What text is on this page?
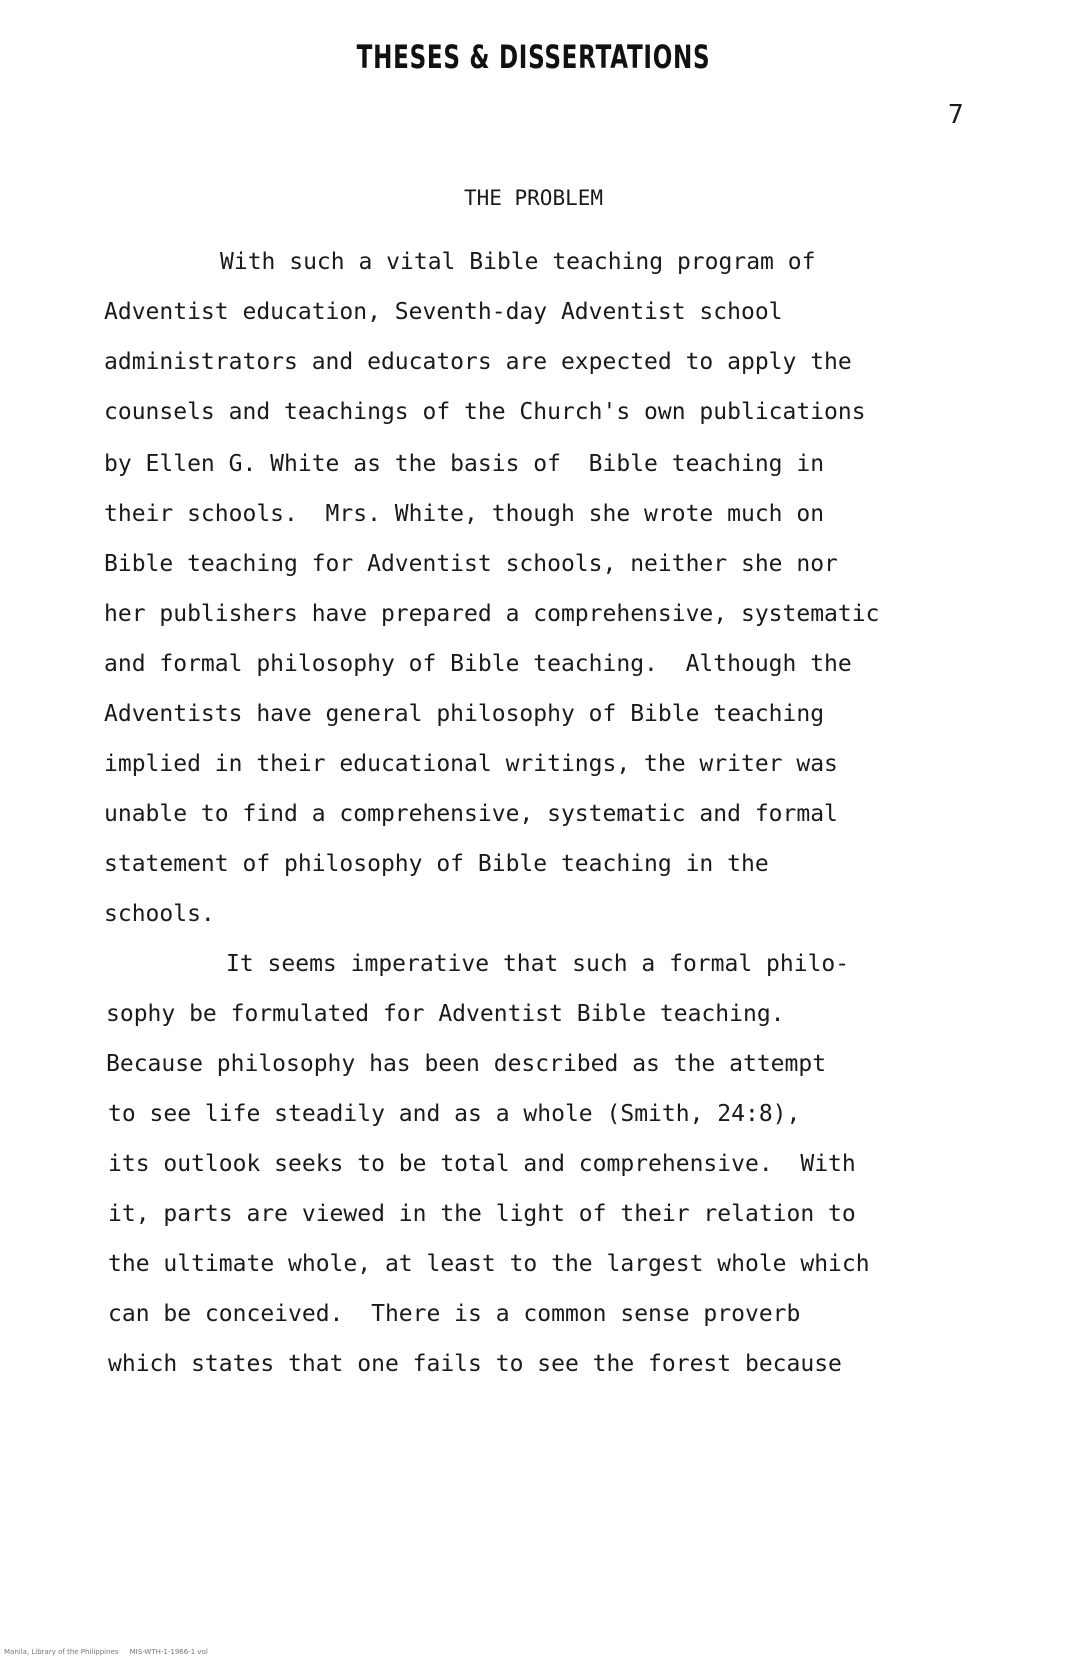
THESES & DISSERTATIONS
7
THE PROBLEM
With such a vital Bible teaching program of
Adventist education, Seventh-day Adventist school
administrators and educators are expected to apply the
counsels and teachings of the Church's own publications
by Ellen G. White as the basis of  Bible teaching in
their schools.  Mrs. White, though she wrote much on
Bible teaching for Adventist schools, neither she nor
her publishers have prepared a comprehensive, systematic
and formal philosophy of Bible teaching.  Although the
Adventists have general philosophy of Bible teaching
implied in their educational writings, the writer was
unable to find a comprehensive, systematic and formal
statement of philosophy of Bible teaching in the
schools.
It seems imperative that such a formal philo-
sophy be formulated for Adventist Bible teaching.
Because philosophy has been described as the attempt
to see life steadily and as a whole (Smith, 24:8),
its outlook seeks to be total and comprehensive.  With
it, parts are viewed in the light of their relation to
the ultimate whole, at least to the largest whole which
can be conceived.  There is a common sense proverb
which states that one fails to see the forest because
Manila, Library of the Philippines     MIS-WTH-1-1966-1 vol
